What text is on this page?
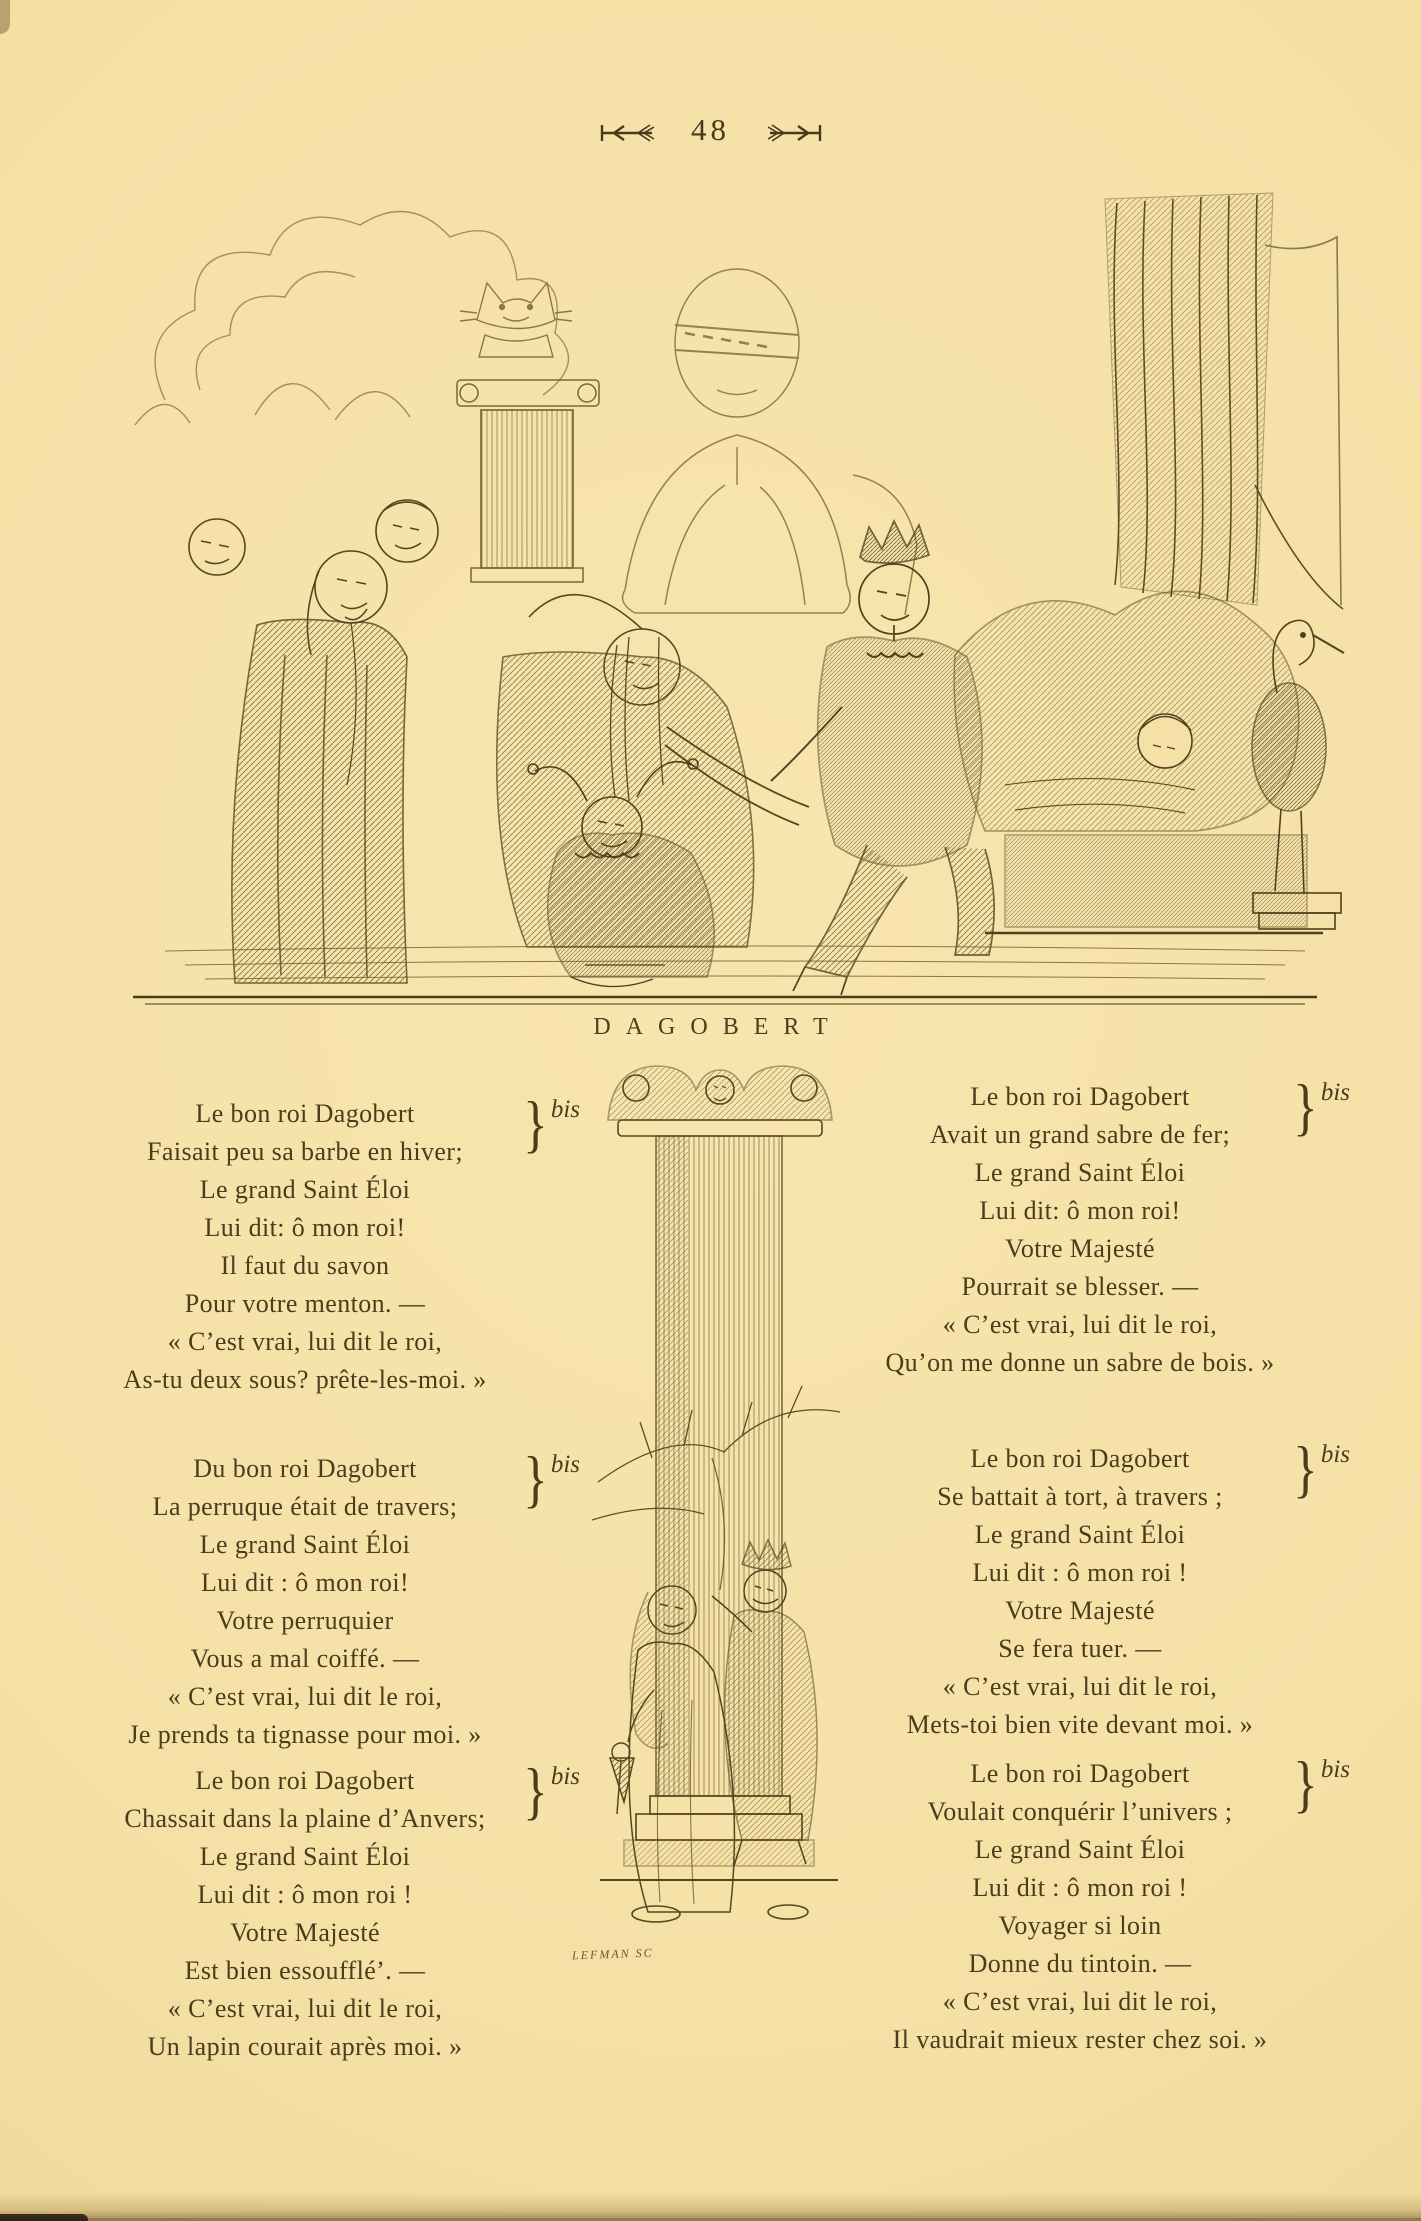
48
DAGOBERT
LEFMAN SC
Le bon roi Dagobert
Faisait peu sa barbe en hiver;
Le grand Saint Éloi
Lui dit: ô mon roi!
Il faut du savon
Pour votre menton. —
« C’est vrai, lui dit le roi,
As-tu deux sous? prête-les-moi. »
} bis
Du bon roi Dagobert
La perruque était de travers;
Le grand Saint Éloi
Lui dit : ô mon roi!
Votre perruquier
Vous a mal coiffé. —
« C’est vrai, lui dit le roi,
Je prends ta tignasse pour moi. »
} bis
Le bon roi Dagobert
Chassait dans la plaine d’Anvers;
Le grand Saint Éloi
Lui dit : ô mon roi !
Votre Majesté
Est bien essoufflé’. —
« C’est vrai, lui dit le roi,
Un lapin courait après moi. »
} bis
Le bon roi Dagobert
Avait un grand sabre de fer;
Le grand Saint Éloi
Lui dit: ô mon roi!
Votre Majesté
Pourrait se blesser. —
« C’est vrai, lui dit le roi,
Qu’on me donne un sabre de bois. »
} bis
Le bon roi Dagobert
Se battait à tort, à travers ;
Le grand Saint Éloi
Lui dit : ô mon roi !
Votre Majesté
Se fera tuer. —
« C’est vrai, lui dit le roi,
Mets-toi bien vite devant moi. »
} bis
Le bon roi Dagobert
Voulait conquérir l’univers ;
Le grand Saint Éloi
Lui dit : ô mon roi !
Voyager si loin
Donne du tintoin. —
« C’est vrai, lui dit le roi,
Il vaudrait mieux rester chez soi. »
} bis
